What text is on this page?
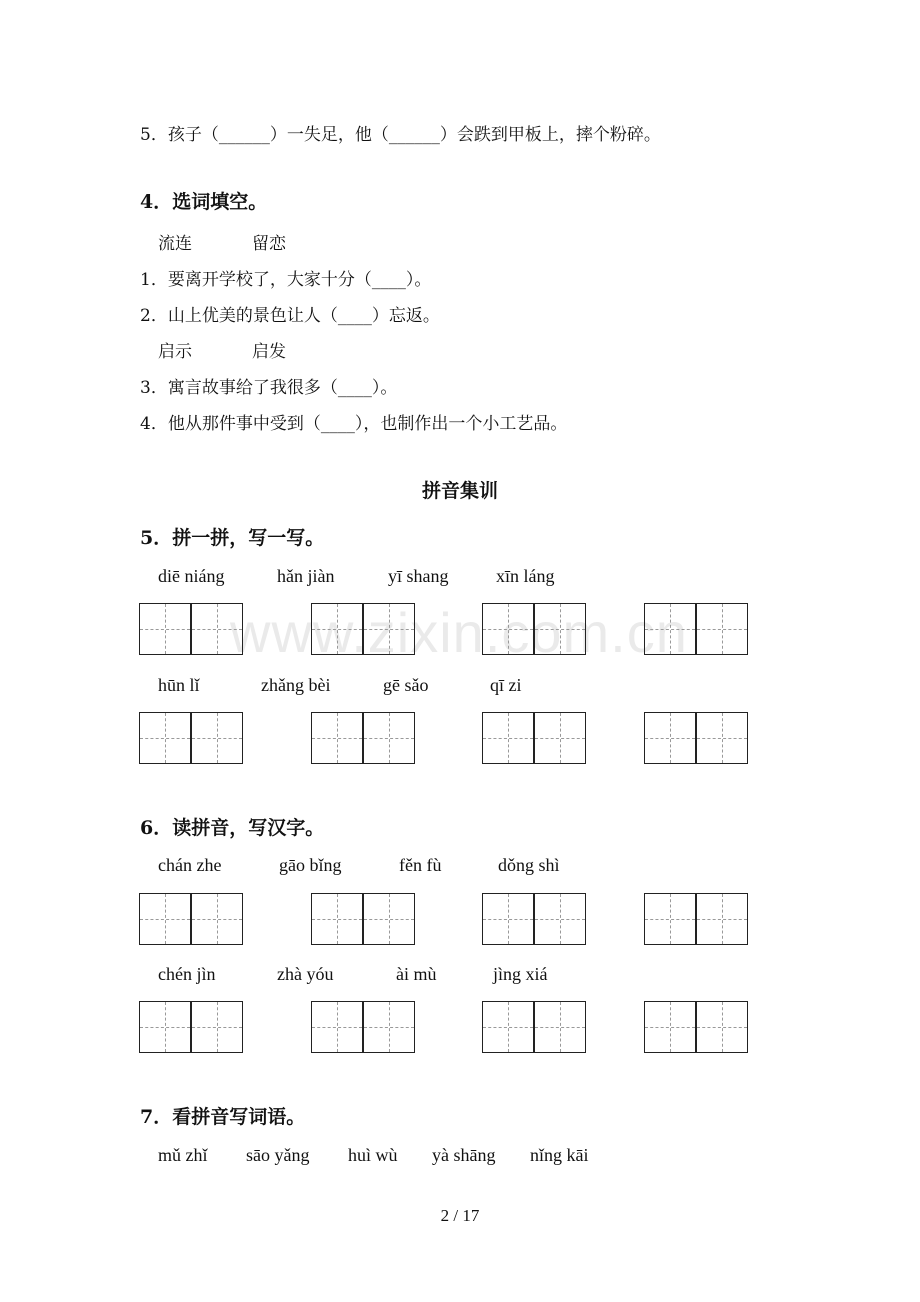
www.zixin.com.cn
5．孩子（______）一失足，他（______）会跌到甲板上，摔个粉碎。
4．选词填空。
流连	留恋
1．要离开学校了，大家十分（____）。
2．山上优美的景色让人（____）忘返。
启示	启发
3．寓言故事给了我很多（____）。
4．他从那件事中受到（____），也制作出一个小工艺品。
拼音集训
5．拼一拼，写一写。
diē niáng	hǎn jiàn	yī shang	xīn láng
hūn lǐ	zhǎng bèi	gē sǎo	qī zi
6．读拼音，写汉字。
chán zhe	gāo bǐng	fěn fù	dǒng shì
chén jìn	zhà yóu	ài mù	jìng xiá
7．看拼音写词语。
mǔ zhǐ sāo yǎng huì wù yà shāng nǐng kāi
2 / 17
